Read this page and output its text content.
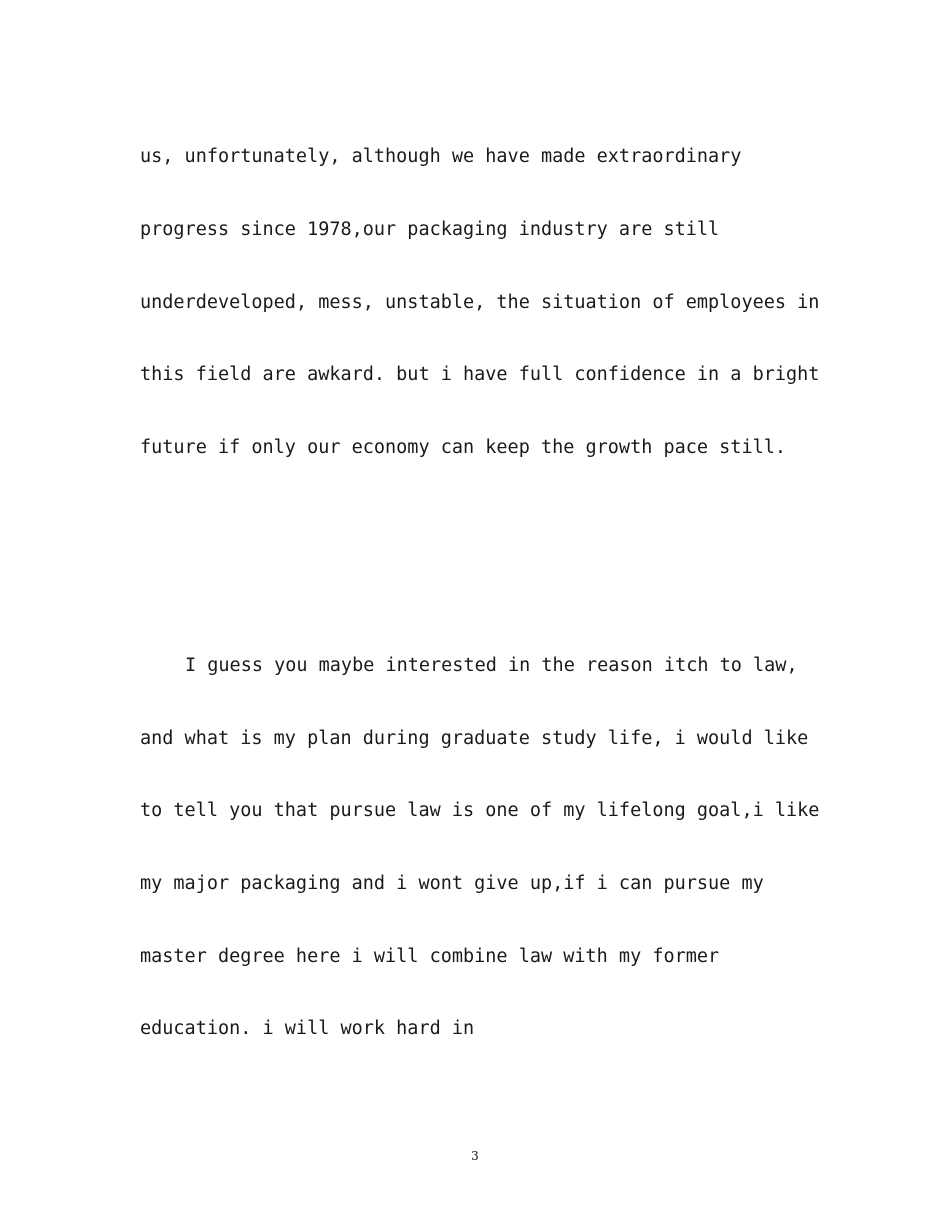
us, unfortunately, although we have made extraordinary
progress since 1978,our packaging industry are still
underdeveloped, mess, unstable, the situation of employees in
this field are awkard. but i have full confidence in a bright
future if only our economy can keep the growth pace still.
I guess you maybe interested in the reason itch to law,
and what is my plan during graduate study life, i would like
to tell you that pursue law is one of my lifelong goal,i like
my major packaging and i wont give up,if i can pursue my
master degree here i will combine law with my former
education. i will work hard in
3
